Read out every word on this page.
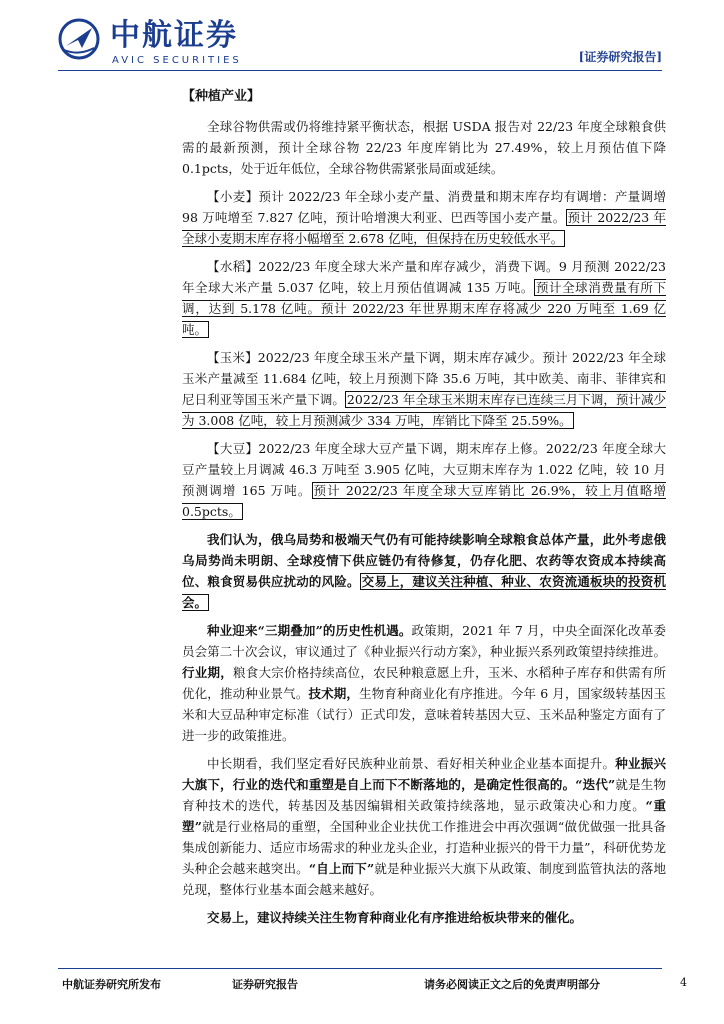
中航证券
AVIC SECURITIES	[证券研究报告]
【种植产业】

全球谷物供需或仍将维持紧平衡状态，根据 USDA 报告对 22/23 年度全球粮食供需的最新预测，预计全球谷物 22/23 年度库销比为 27.49%，较上月预估值下降 0.1pcts，处于近年低位，全球谷物供需紧张局面或延续。

【小麦】预计 2022/23 年全球小麦产量、消费量和期末库存均有调增：产量调增 98 万吨增至 7.827 亿吨，预计哈增澳大利亚、巴西等国小麦产量。 预计 2022/23 年全球小麦期末库存将小幅增至 2.678 亿吨，但保持在历史较低水平。

【水稻】2022/23 年度全球大米产量和库存减少，消费下调。9 月预测 2022/23 年全球大米产量 5.037 亿吨，较上月预估值调减 135 万吨。 预计全球消费量有所下调，达到 5.178 亿吨。预计 2022/23 年世界期末库存将减少 220 万吨至 1.69 亿吨。

【玉米】2022/23 年度全球玉米产量下调，期末库存减少。预计 2022/23 年全球玉米产量减至 11.684 亿吨，较上月预测下降 35.6 万吨，其中欧美、南非、菲律宾和尼日利亚等国玉米产量下调。 2022/23 年全球玉米期末库存已连续三月下调，预计减少为 3.008 亿吨，较上月预测减少 334 万吨，库销比下降至 25.59%。

【大豆】2022/23 年度全球大豆产量下调，期末库存上修。2022/23 年度全球大豆产量较上月调减 46.3 万吨至 3.905 亿吨，大豆期末库存为 1.022 亿吨，较 10 月预测调增 165 万吨。 预计 2022/23 年度全球大豆库销比 26.9%，较上月值略增 0.5pcts。

我们认为，俄乌局势和极端天气仍有可能持续影响全球粮食总体产量，此外考虑俄乌局势尚未明朗、全球疫情下供应链仍有待修复，仍存化肥、农药等农资成本持续高位、粮食贸易供应扰动的风险。 交易上，建议关注种植、种业、农资流通板块的投资机会。

种业迎来“三期叠加”的历史性机遇。政策期，2021 年 7 月，中央全面深化改革委员会第二十次会议，审议通过了《种业振兴行动方案》，种业振兴系列政策望持续推进。行业期，粮食大宗价格持续高位，农民种粮意愿上升，玉米、水稻种子库存和供需有所优化，推动种业景气。技术期，生物育种商业化有序推进。今年 6 月，国家级转基因玉米和大豆品种审定标准（试行）正式印发，意味着转基因大豆、玉米品种鉴定方面有了进一步的政策推进。

中长期看，我们坚定看好民族种业前景、看好相关种业企业基本面提升。种业振兴大旗下，行业的迭代和重塑是自上而下不断落地的，是确定性很高的。“迭代”就是生物育种技术的迭代，转基因及基因编辑相关政策持续落地，显示政策决心和力度。“重塑”就是行业格局的重塑，全国种业企业扶优工作推进会中再次强调“做优做强一批具备集成创新能力、适应市场需求的种业龙头企业，打造种业振兴的骨干力量”，科研优势龙头种企会越来越突出。“自上而下”就是种业振兴大旗下从政策、制度到监管执法的落地兑现，整体行业基本面会越来越好。

交易上，建议持续关注生物育种商业化有序推进给板块带来的催化。

中航证券研究所发布	证券研究报告	请务必阅读正文之后的免责声明部分	4
